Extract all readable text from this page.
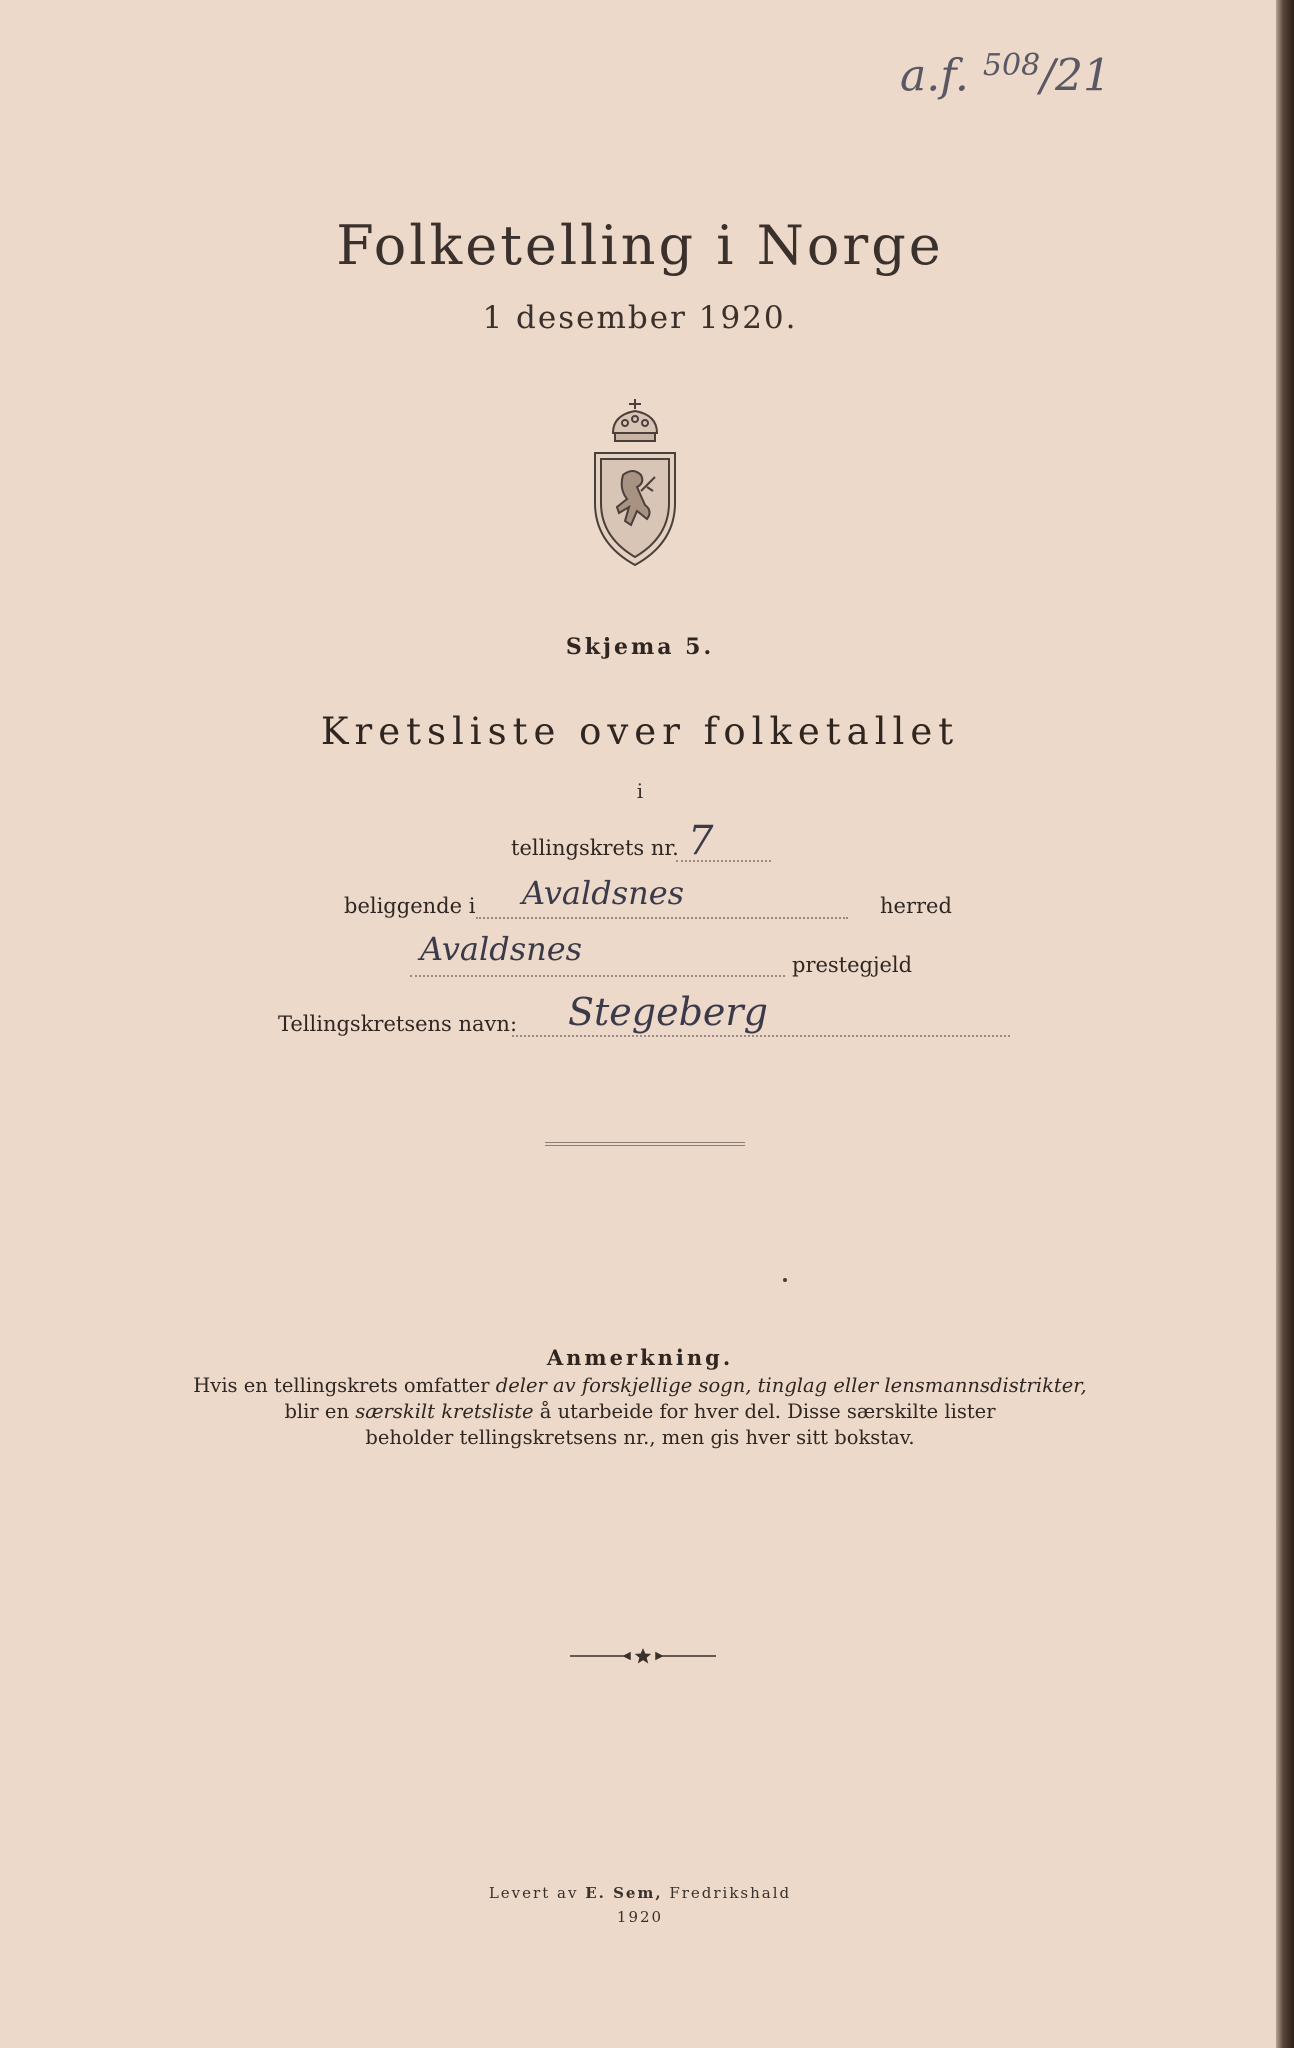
a.f. $^{508}$/21
Folketelling i Norge
1 desember 1920.
Skjema 5.
Kretsliste over folketallet
i
tellingskrets nr. 7
beliggende i Avaldsnes	herred
Avaldsnes	prestegjeld
Tellingskretsens navn: Stegeberg
Anmerkning.
Hvis en tellingskrets omfatter deler av forskjellige sogn, tinglag eller lensmannsdistrikter,
blir en særskilt kretsliste å utarbeide for hver del. Disse særskilte lister
beholder tellingskretsens nr., men gis hver sitt bokstav.
Levert av E. Sem, Fredrikshald
1920
